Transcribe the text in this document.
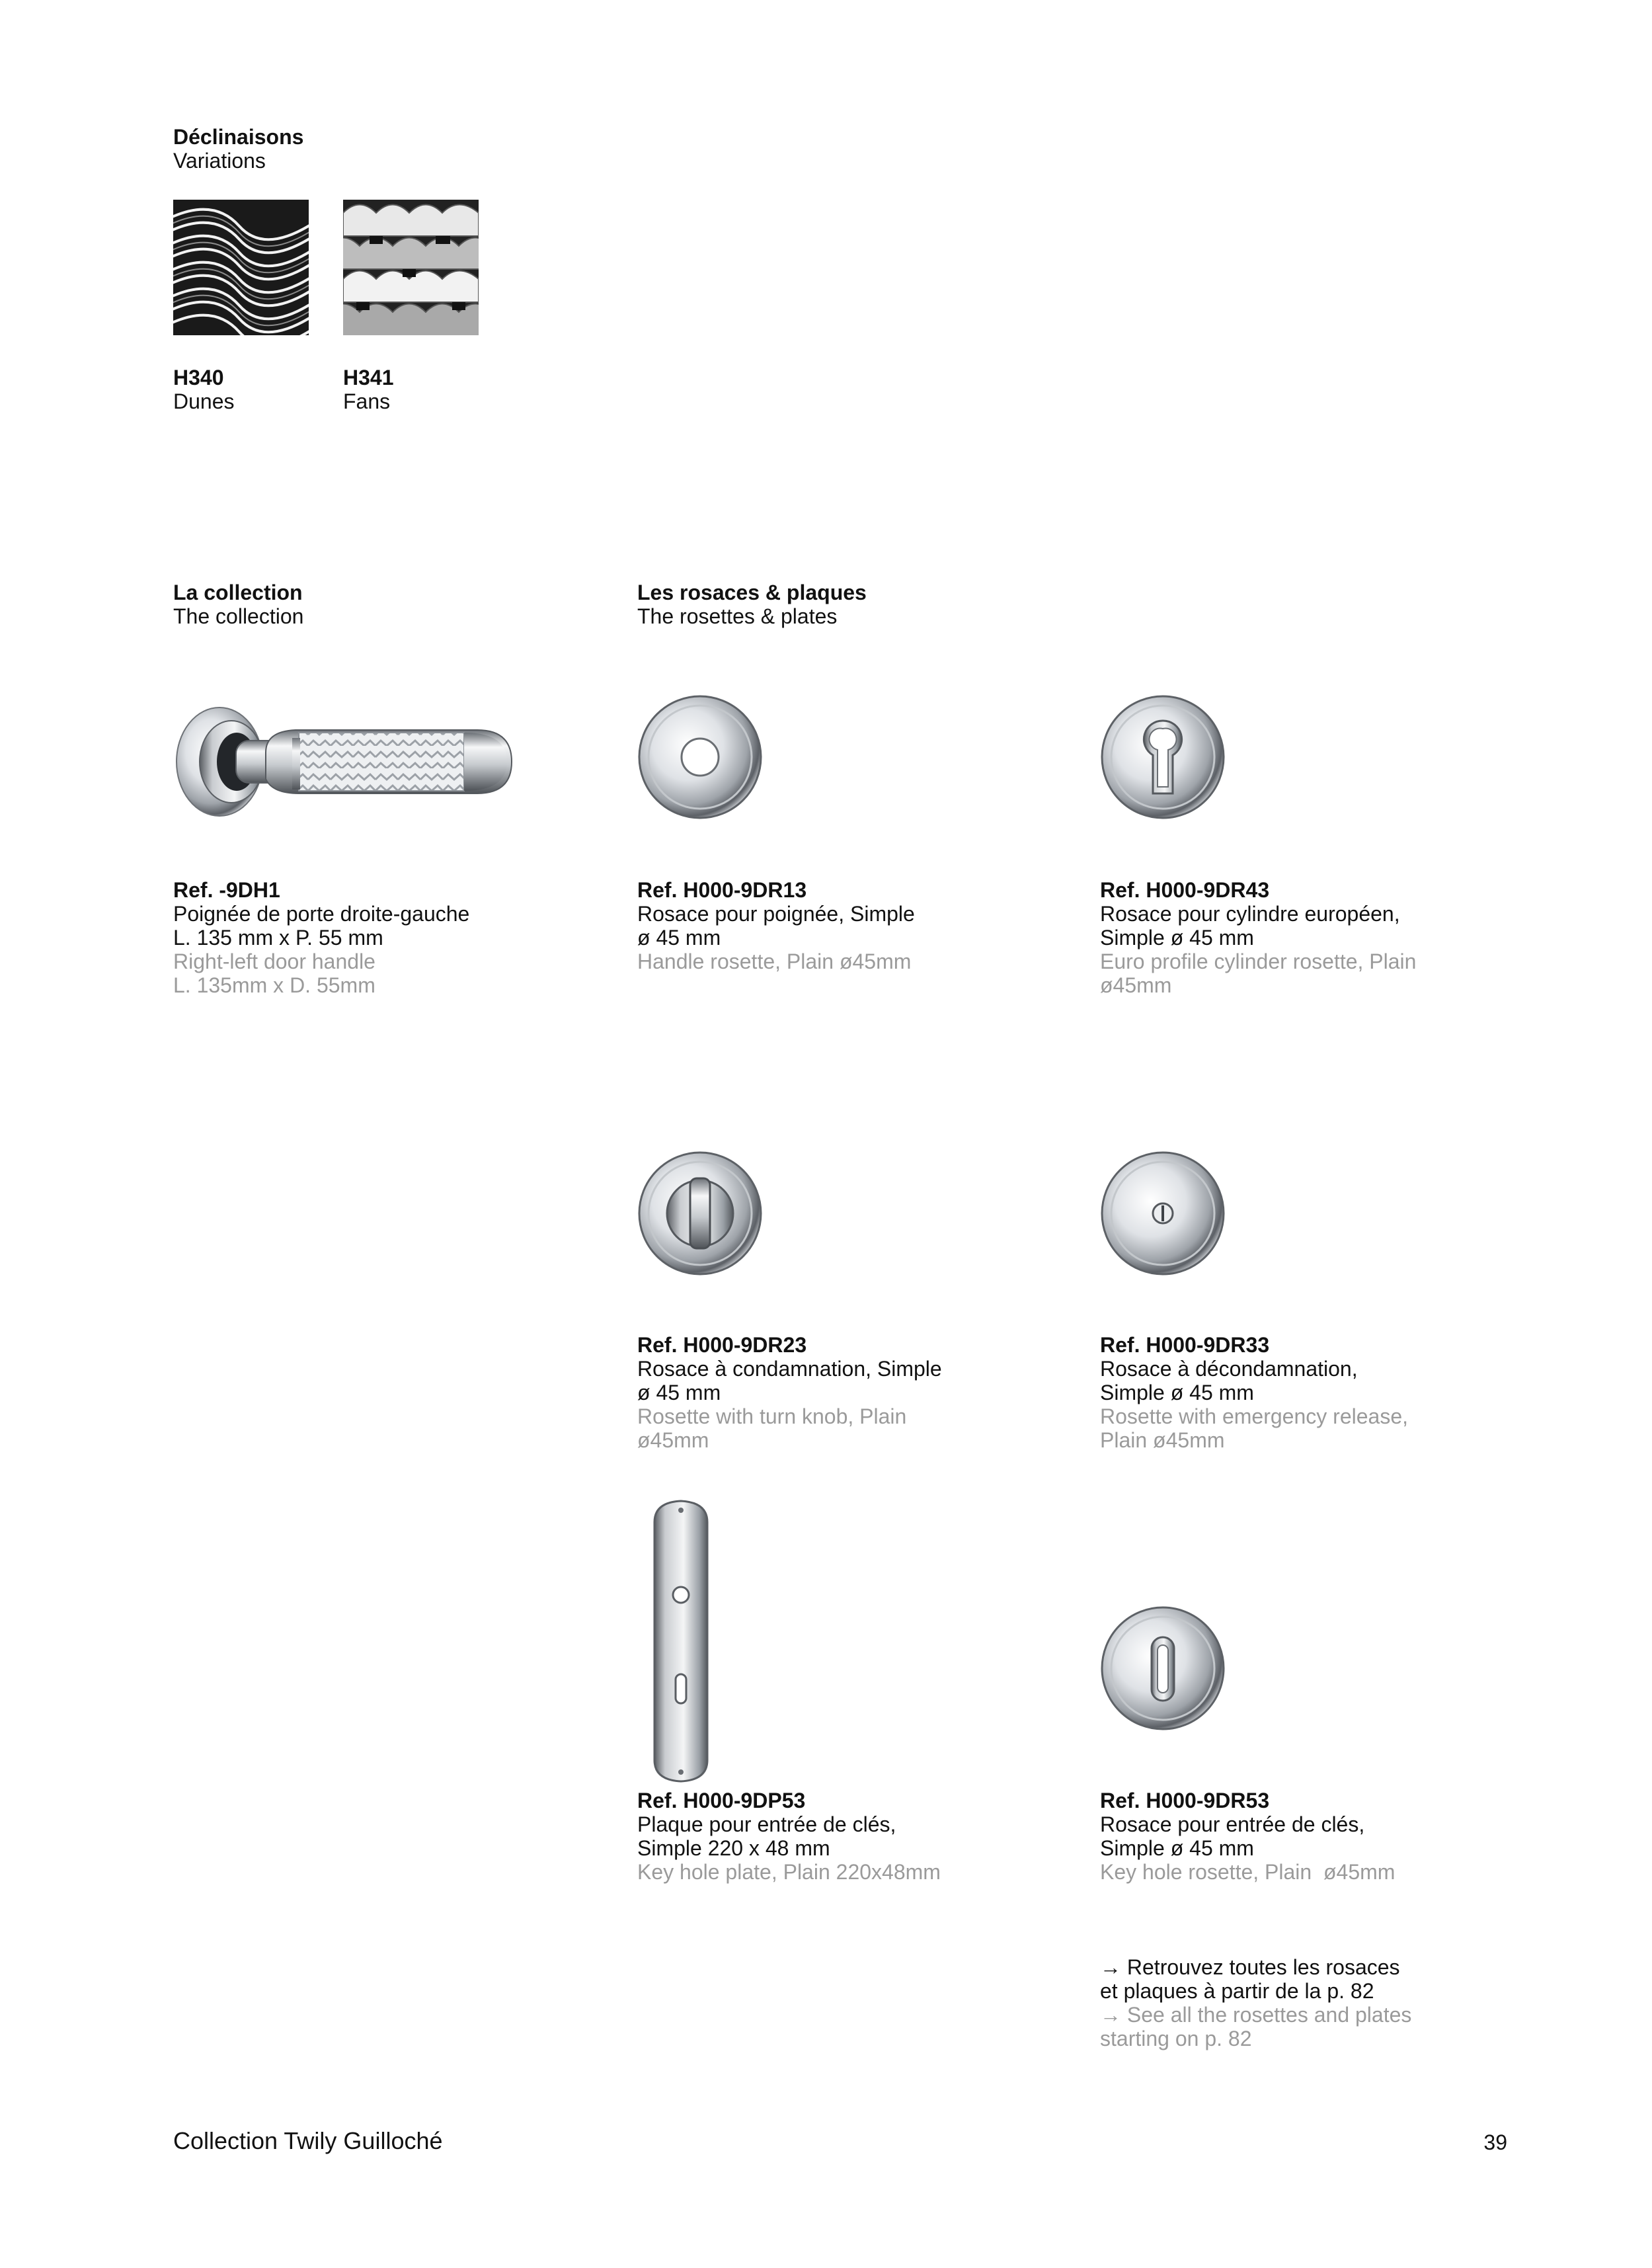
Déclinaisons

Variations

H340

Dunes

H341

Fans

La collection

The collection

Les rosaces & plaques

The rosettes & plates

Ref. -9DH1

Poignée de porte droite-gauche

L. 135 mm x P. 55 mm

Right-left door handle

L. 135mm x D. 55mm

Ref. H000-9DR13

Rosace pour poignée, Simple

ø 45 mm

Handle rosette, Plain ø45mm

Ref. H000-9DR43

Rosace pour cylindre européen,

Simple ø 45 mm

Euro profile cylinder rosette, Plain

ø45mm

Ref. H000-9DR23

Rosace à condamnation, Simple

ø 45 mm

Rosette with turn knob, Plain

ø45mm

Ref. H000-9DR33

Rosace à décondamnation,

Simple ø 45 mm

Rosette with emergency release,

Plain ø45mm

Ref. H000-9DP53

Plaque pour entrée de clés,

Simple 220 x 48 mm

Key hole plate, Plain 220x48mm

Ref. H000-9DR53

Rosace pour entrée de clés,

Simple ø 45 mm

Key hole rosette, Plain  ø45mm

→ Retrouvez toutes les rosaces

et plaques à partir de la p. 82

→ See all the rosettes and plates

starting on p. 82

Collection Twily Guilloché	39
